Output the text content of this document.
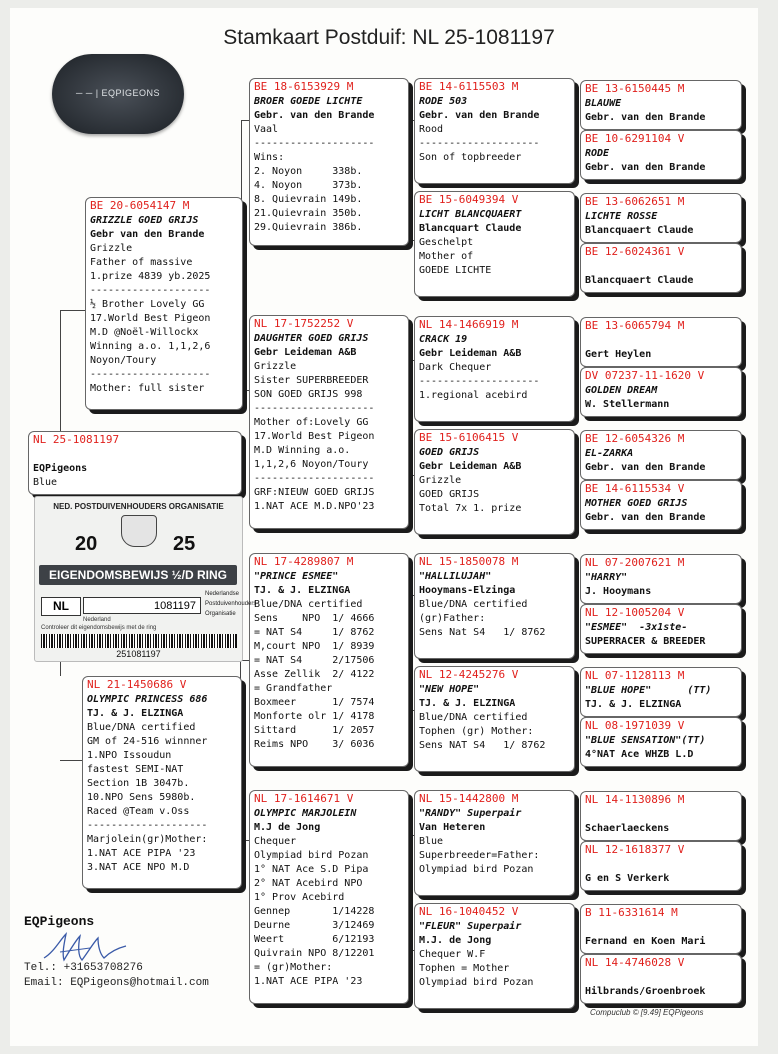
Stamkaart Postduif: NL 25-1081197
─ ─ | EQPIGEONS
NL 25-1081197
EQPigeons
Blue
BE 20-6054147 M
GRIZZLE GOED GRIJS
Gebr van den Brande
Grizzle
Father of massive
1.prize 4839 yb.2025
--------------------
½ Brother Lovely GG
17.World Best Pigeon
M.D @Noël-Willockx
Winning a.o. 1,1,2,6
Noyon/Toury
--------------------
Mother: full sister
NL 21-1450686 V
OLYMPIC PRINCESS 686
TJ. & J. ELZINGA
Blue/DNA certified
GM of 24-516 winnner
1.NPO Issoudun
fastest SEMI-NAT
Section 1B 3047b.
10.NPO Sens 5980b.
Raced @Team v.Oss
--------------------
Marjolein(gr)Mother:
1.NAT ACE PIPA '23
3.NAT ACE NPO M.D
BE 18-6153929 M
BROER GOEDE LICHTE
Gebr. van den Brande
Vaal
--------------------
Wins:
2. Noyon     338b.
4. Noyon     373b.
8. Quievrain 149b.
21.Quievrain 350b.
29.Quievrain 386b.
NL 17-1752252 V
DAUGHTER GOED GRIJS
Gebr Leideman A&B
Grizzle
Sister SUPERBREEDER
SON GOED GRIJS 998
--------------------
Mother of:Lovely GG
17.World Best Pigeon
M.D Winning a.o.
1,1,2,6 Noyon/Toury
--------------------
GRF:NIEUW GOED GRIJS
1.NAT ACE M.D.NPO'23
NL 17-4289807 M
"PRINCE ESMEE"
TJ. & J. ELZINGA
Blue/DNA certified
Sens    NPO  1/ 4666
= NAT S4     1/ 8762
M,court NPO  1/ 8939
= NAT S4     2/17506
Asse Zellik  2/ 4122
= Grandfather
Boxmeer      1/ 7574
Monforte olr 1/ 4178
Sittard      1/ 2057
Reims NPO    3/ 6036
NL 17-1614671 V
OLYMPIC MARJOLEIN
M.J de Jong
Chequer
Olympiad bird Pozan
1° NAT Ace S.D Pipa
2° NAT Acebird NPO
1° Prov Acebird
Gennep       1/14228
Deurne       3/12469
Weert        6/12193
Quivrain NPO 8/12201
= (gr)Mother:
1.NAT ACE PIPA '23
BE 14-6115503 M
RODE 503
Gebr. van den Brande
Rood
--------------------
Son of topbreeder
BE 15-6049394 V
LICHT BLANCQUAERT
Blancquart Claude
Geschelpt
Mother of
GOEDE LICHTE
NL 14-1466919 M
CRACK 19
Gebr Leideman A&B
Dark Chequer
--------------------
1.regional acebird
BE 15-6106415 V
GOED GRIJS
Gebr Leideman A&B
Grizzle
GOED GRIJS
Total 7x 1. prize
NL 15-1850078 M
"HALLILUJAH"
Hooymans-Elzinga
Blue/DNA certified
(gr)Father:
Sens Nat S4   1/ 8762
NL 12-4245276 V
"NEW HOPE"
TJ. & J. ELZINGA
Blue/DNA certified
Tophen (gr) Mother:
Sens NAT S4   1/ 8762
NL 15-1442800 M
"RANDY" Superpair
Van Heteren
Blue
Superbreeder=Father:
Olympiad bird Pozan
NL 16-1040452 V
"FLEUR" Superpair
M.J. de Jong
Chequer W.F
Tophen = Mother
Olympiad bird Pozan
BE 13-6150445 M
BLAUWE
Gebr. van den Brande
BE 10-6291104 V
RODE
Gebr. van den Brande
BE 13-6062651 M
LICHTE ROSSE
Blancquaert Claude
BE 12-6024361 V
Blancquaert Claude
BE 13-6065794 M
Gert Heylen
DV 07237-11-1620 V
GOLDEN DREAM
W. Stellermann
BE 12-6054326 M
EL-ZARKA
Gebr. van den Brande
BE 14-6115534 V
MOTHER GOED GRIJS
Gebr. van den Brande
NL 07-2007621 M
"HARRY"
J. Hooymans
NL 12-1005204 V
"ESMEE"  -3x1ste-
SUPERRACER & BREEDER
NL 07-1128113 M
"BLUE HOPE"      (TT)
TJ. & J. ELZINGA
NL 08-1971039 V
"BLUE SENSATION"(TT)
4°NAT Ace WHZB L.D
NL 14-1130896 M
Schaerlaeckens
NL 12-1618377 V
G en S Verkerk
B 11-6331614 M
Fernand en Koen Mari
NL 14-4746028 V
Hilbrands/Groenbroek
NED. POSTDUIVENHOUDERS ORGANISATIE
20	25
EIGENDOMSBEWIJS ½/D RING
NL	1081197
Nederlandse
Postduivenhouders
Organisatie
Nederland
Controleer dit eigendomsbewijs met de ring
251081197
EQPigeons
Tel.: +31653708276
Email: EQPigeons@hotmail.com
Compuclub © [9.49] EQPigeons
